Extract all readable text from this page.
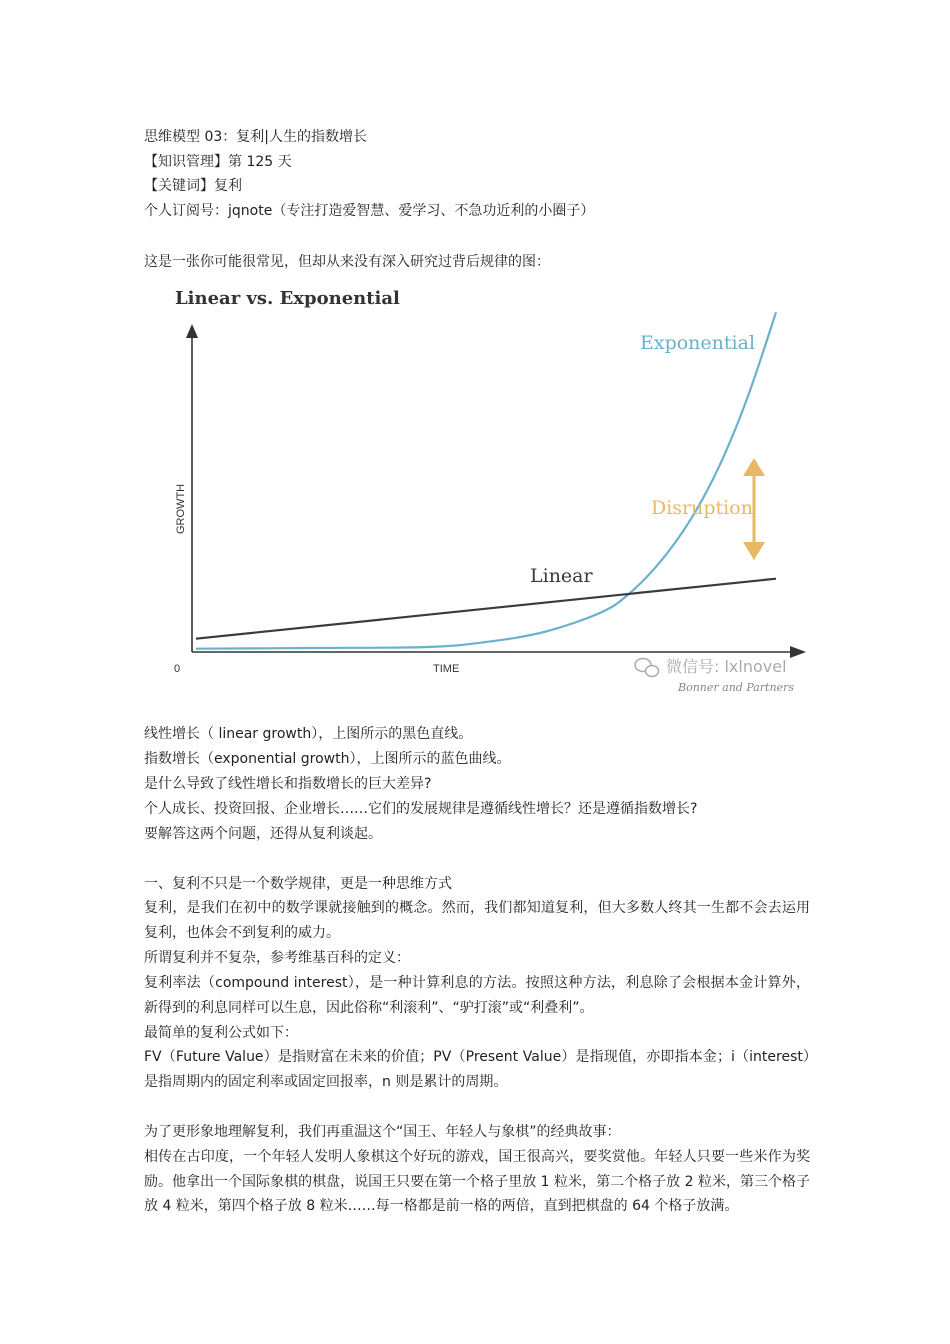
思维模型 03：复利|人生的指数增长
【知识管理】第 125 天
【关键词】复利
个人订阅号：jqnote（专注打造爱智慧、爱学习、不急功近利的小圈子）
这是一张你可能很常见，但却从来没有深入研究过背后规律的图：
Linear vs. Exponential
0	TIME
GROWTH
Exponential
Linear
Disruption
微信号: lxlnovel
Bonner and Partners
线性增长（ linear growth），上图所示的黑色直线。
指数增长（exponential growth），上图所示的蓝色曲线。
是什么导致了线性增长和指数增长的巨大差异?
个人成长、投资回报、企业增长……它们的发展规律是遵循线性增长？还是遵循指数增长?
要解答这两个问题，还得从复利谈起。
一、复利不只是一个数学规律，更是一种思维方式
复利，是我们在初中的数学课就接触到的概念。然而，我们都知道复利，但大多数人终其一生都不会去运用复利，也体会不到复利的威力。
所谓复利并不复杂，参考维基百科的定义：
复利率法（compound interest），是一种计算利息的方法。按照这种方法，利息除了会根据本金计算外，新得到的利息同样可以生息，因此俗称“利滚利”、“驴打滚”或“利叠利”。
最简单的复利公式如下：
FV（Future Value）是指财富在未来的价值；PV（Present Value）是指现值，亦即指本金；i（interest）是指周期内的固定利率或固定回报率，n 则是累计的周期。
为了更形象地理解复利，我们再重温这个“国王、年轻人与象棋”的经典故事：
相传在古印度，一个年轻人发明人象棋这个好玩的游戏，国王很高兴，要奖赏他。年轻人只要一些米作为奖励。他拿出一个国际象棋的棋盘，说国王只要在第一个格子里放 1 粒米，第二个格子放 2 粒米，第三个格子放 4 粒米，第四个格子放 8 粒米……每一格都是前一格的两倍，直到把棋盘的 64 个格子放满。
